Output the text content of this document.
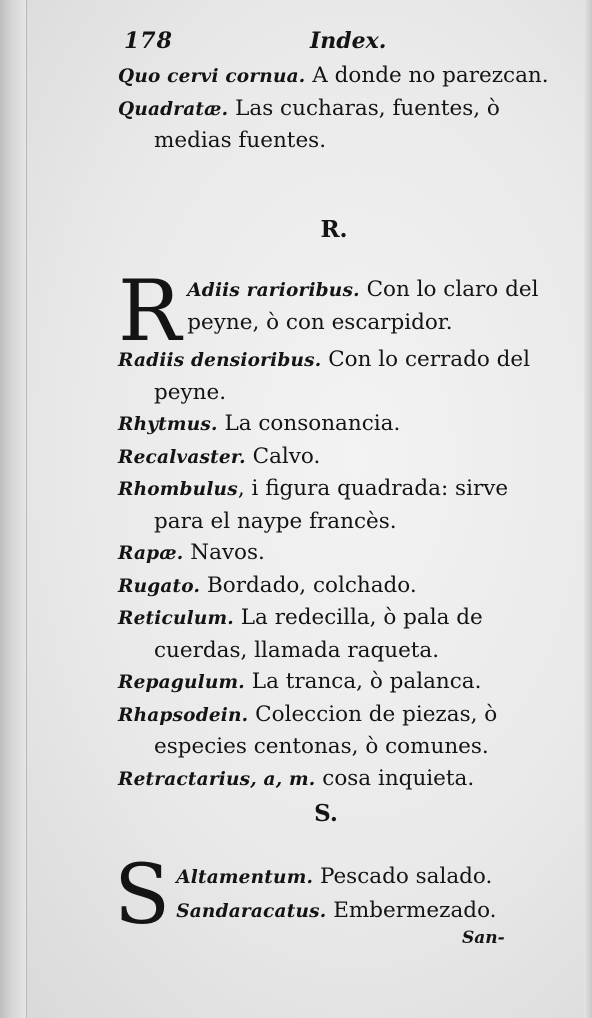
178	Index.
Quo cervi cornua. A donde no parezcan.
Quadratæ. Las cucharas, fuentes, ò medias fuentes.
R.
R Adiis rarioribus. Con lo claro del
peyne, ò con escarpidor.
Radiis densioribus. Con lo cerrado del peyne.
Rhytmus. La consonancia.
Recalvaster. Calvo.
Rhombulus, i figura quadrada: sirve para el naype francès.
Rapæ. Navos.
Rugato. Bordado, colchado.
Reticulum. La redecilla, ò pala de cuerdas, llamada raqueta.
Repagulum. La tranca, ò palanca.
Rhapsodein. Coleccion de piezas, ò especies centonas, ò comunes.
Retractarius, a, m. cosa inquieta.
S.
S Altamentum. Pescado salado.
Sandaracatus. Embermezado.
San-
